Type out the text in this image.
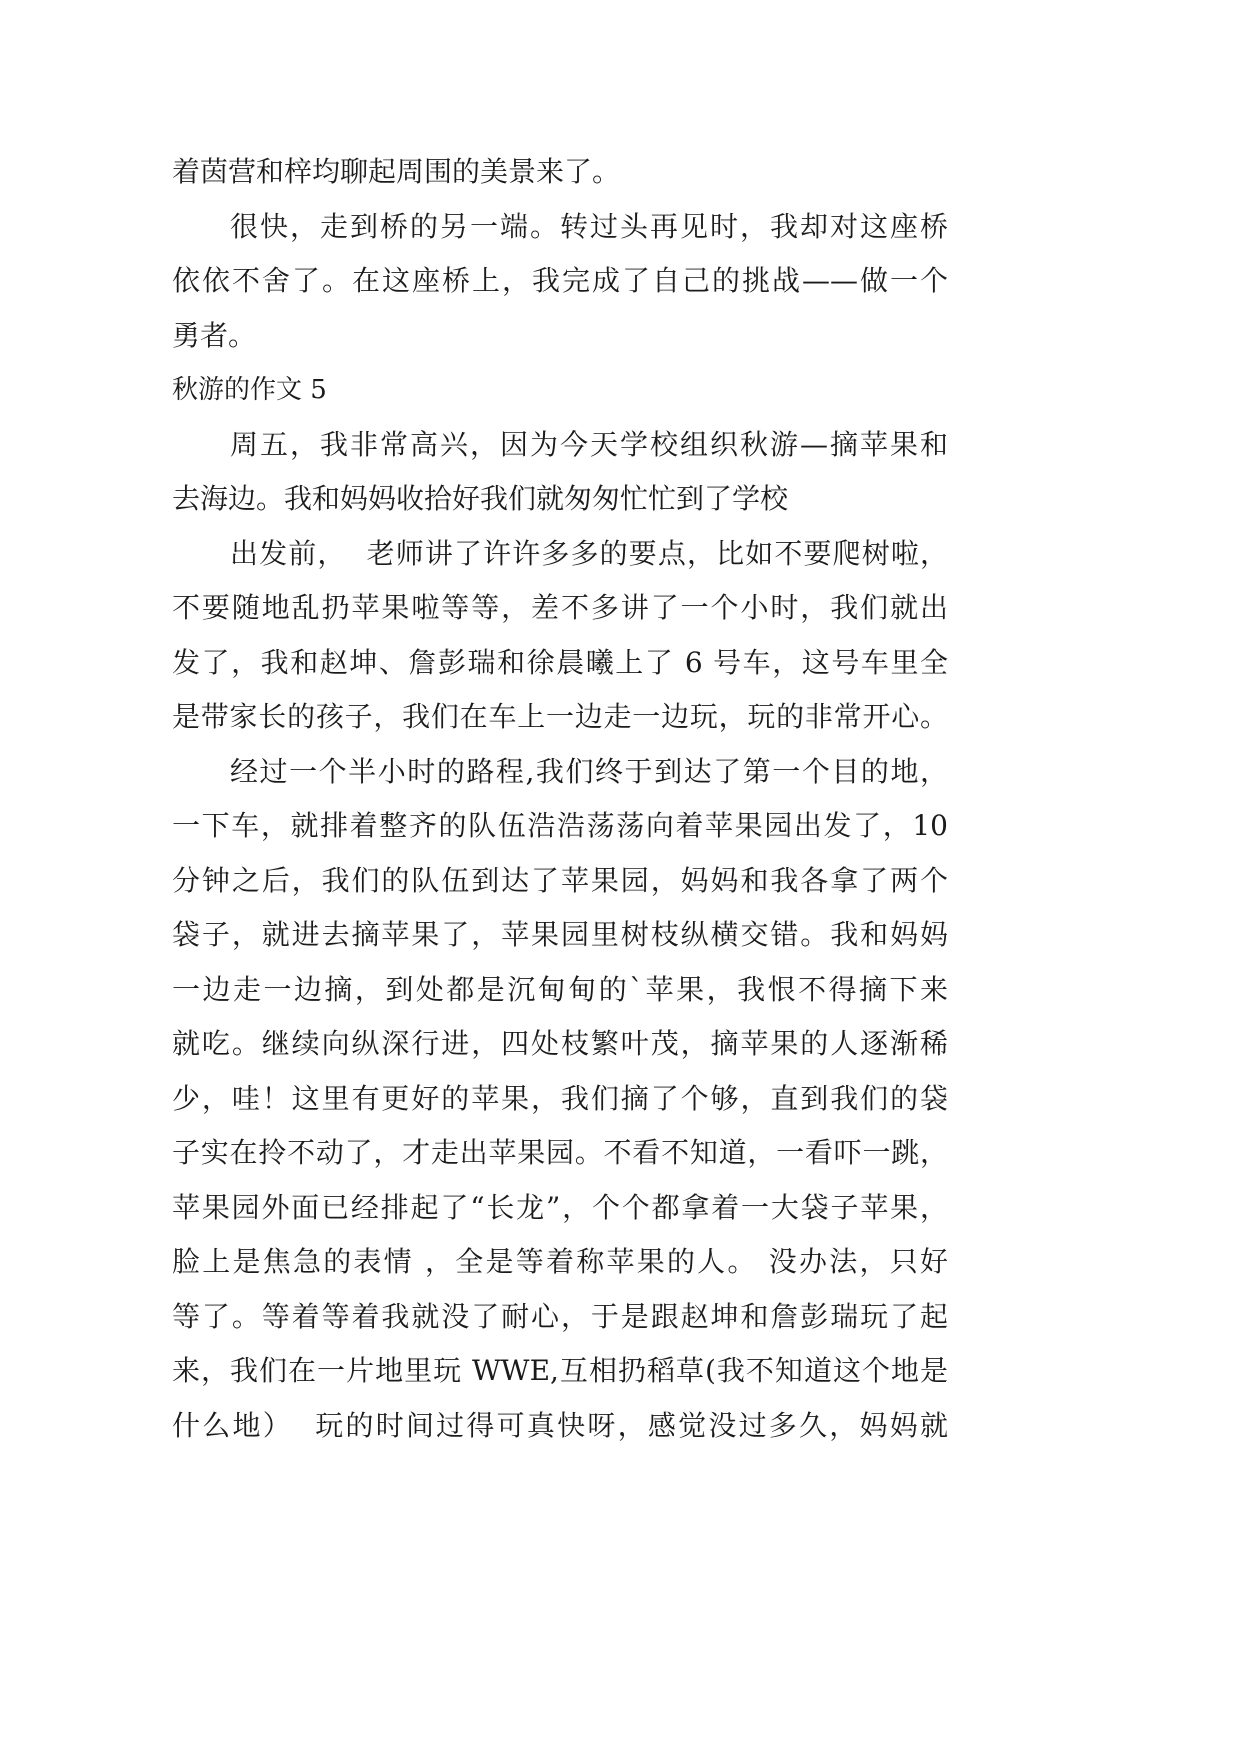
着茵营和梓均聊起周围的美景来了。
很快，走到桥的另一端。转过头再见时，我却对这座桥
依依不舍了。在这座桥上，我完成了自己的挑战——做一个
勇者。
秋游的作文 5
周五，我非常高兴，因为今天学校组织秋游—摘苹果和
去海边。我和妈妈收拾好我们就匆匆忙忙到了学校
出发前，  老师讲了许许多多的要点，比如不要爬树啦，
不要随地乱扔苹果啦等等，差不多讲了一个小时，我们就出
发了，我和赵坤、詹彭瑞和徐晨曦上了 6 号车，这号车里全
是带家长的孩子，我们在车上一边走一边玩，玩的非常开心。
经过一个半小时的路程,我们终于到达了第一个目的地，
一下车，就排着整齐的队伍浩浩荡荡向着苹果园出发了，10
分钟之后，我们的队伍到达了苹果园，妈妈和我各拿了两个
袋子，就进去摘苹果了，苹果园里树枝纵横交错。我和妈妈
一边走一边摘，到处都是沉甸甸的`苹果，我恨不得摘下来
就吃。继续向纵深行进，四处枝繁叶茂，摘苹果的人逐渐稀
少，哇！这里有更好的苹果，我们摘了个够，直到我们的袋
子实在拎不动了，才走出苹果园。不看不知道，一看吓一跳，
苹果园外面已经排起了“长龙”，个个都拿着一大袋子苹果，
脸上是焦急的表情 ，全是等着称苹果的人。 没办法，只好
等了。等着等着我就没了耐心，于是跟赵坤和詹彭瑞玩了起
来，我们在一片地里玩 WWE,互相扔稻草(我不知道这个地是
什么地）  玩的时间过得可真快呀，感觉没过多久，妈妈就
